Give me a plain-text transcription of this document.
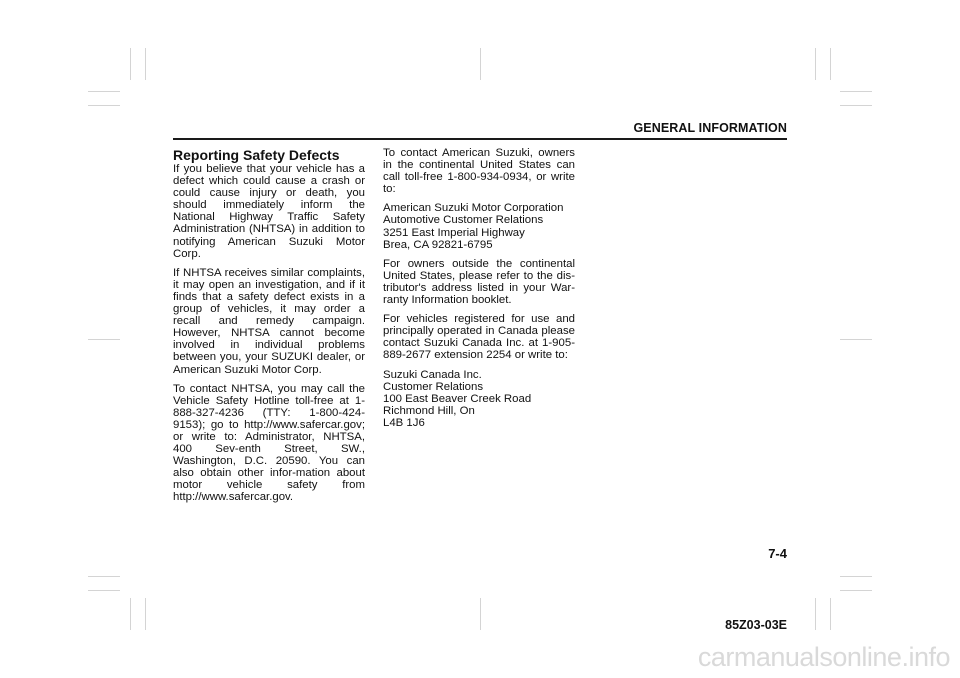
GENERAL INFORMATION
Reporting Safety Defects

If you believe that your vehicle has a defect which could cause a crash or could cause injury or death, you should immediately inform the National Highway Traffic Safety Administration (NHTSA) in addition to notifying American Suzuki Motor Corp.

If NHTSA receives similar complaints, it may open an investigation, and if it finds that a safety defect exists in a group of vehicles, it may order a recall and remedy campaign. However, NHTSA cannot become involved in individual problems between you, your SUZUKI dealer, or American Suzuki Motor Corp.

To contact NHTSA, you may call the Vehicle Safety Hotline toll-free at 1-888-327-4236 (TTY: 1-800-424-9153); go to http://www.safercar.gov; or write to: Administrator, NHTSA, 400 Sev-enth Street, SW., Washington, D.C. 20590. You can also obtain other infor-mation about motor vehicle safety from http://www.safercar.gov.

To contact American Suzuki, owners in the continental United States can call toll-free 1-800-934-0934, or write to:

American Suzuki Motor Corporation
Automotive Customer Relations
3251 East Imperial Highway
Brea, CA 92821-6795

For owners outside the continental United States, please refer to the dis-tributor's address listed in your War-ranty Information booklet.

For vehicles registered for use and principally operated in Canada please contact Suzuki Canada Inc. at 1-905-889-2677 extension 2254 or write to:

Suzuki Canada Inc.
Customer Relations
100 East Beaver Creek Road
Richmond Hill, On
L4B 1J6

7-4
85Z03-03E
carmanualsonline.info
